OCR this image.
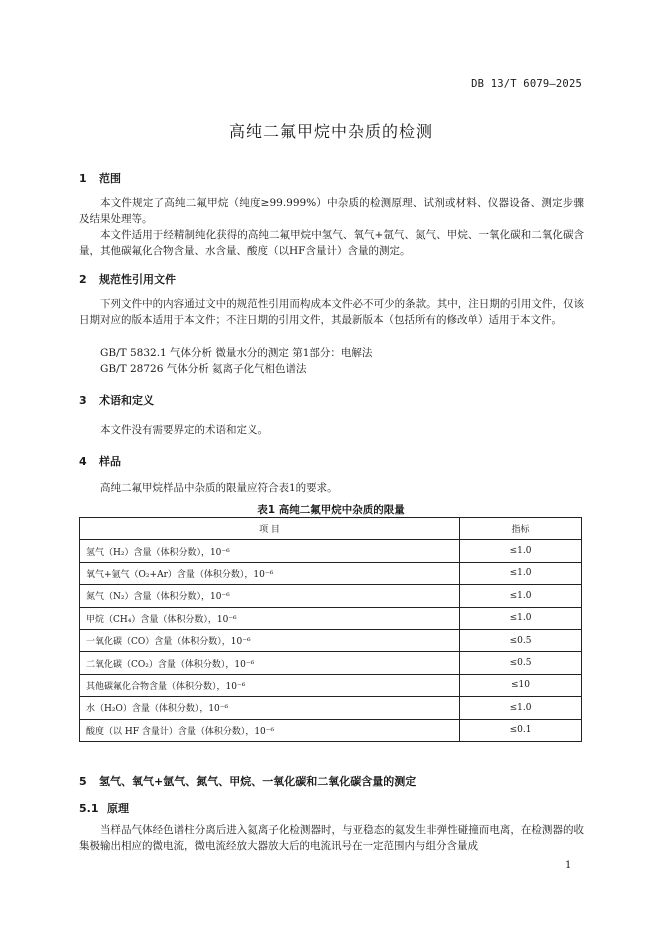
DB 13/T 6079—2025
高纯二氟甲烷中杂质的检测
1 范围
本文件规定了高纯二氟甲烷（纯度≥99.999%）中杂质的检测原理、试剂或材料、仪器设备、测定步骤及结果处理等。
本文件适用于经精制纯化获得的高纯二氟甲烷中氢气、氧气+氩气、氮气、甲烷、一氧化碳和二氧化碳含量，其他碳氟化合物含量、水含量、酸度（以HF含量计）含量的测定。
2 规范性引用文件
下列文件中的内容通过文中的规范性引用而构成本文件必不可少的条款。其中，注日期的引用文件，仅该日期对应的版本适用于本文件；不注日期的引用文件，其最新版本（包括所有的修改单）适用于本文件。
GB/T 5832.1 气体分析 微量水分的测定 第1部分：电解法
GB/T 28726 气体分析 氦离子化气相色谱法
3 术语和定义
本文件没有需要界定的术语和定义。
4 样品
高纯二氟甲烷样品中杂质的限量应符合表1的要求。
表1 高纯二氟甲烷中杂质的限量
项 目	指标
氢气（H₂）含量（体积分数），10⁻⁶	≤1.0
氧气+氩气（O₂+Ar）含量（体积分数），10⁻⁶	≤1.0
氮气（N₂）含量（体积分数），10⁻⁶	≤1.0
甲烷（CH₄）含量（体积分数），10⁻⁶	≤1.0
一氧化碳（CO）含量（体积分数），10⁻⁶	≤0.5
二氧化碳（CO₂）含量（体积分数），10⁻⁶	≤0.5
其他碳氟化合物含量（体积分数），10⁻⁶	≤10
水（H₂O）含量（体积分数），10⁻⁶	≤1.0
酸度（以 HF 含量计）含量（体积分数），10⁻⁶	≤0.1
5 氢气、氧气+氩气、氮气、甲烷、一氧化碳和二氧化碳含量的测定
5.1 原理
当样品气体经色谱柱分离后进入氦离子化检测器时，与亚稳态的氦发生非弹性碰撞而电离，在检测器的收集极输出相应的微电流，微电流经放大器放大后的电流讯号在一定范围内与组分含量成
1
